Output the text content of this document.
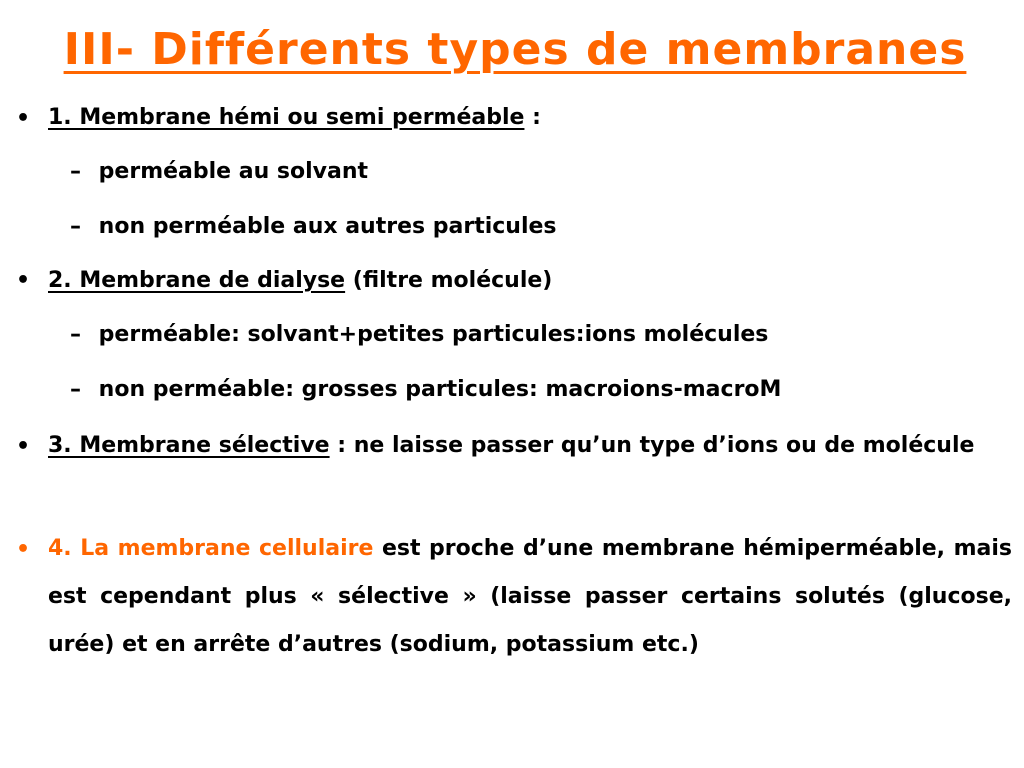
III- Différents types de membranes
• 1. Membrane hémi ou semi perméable :
– perméable au solvant
– non perméable aux autres particules
• 2. Membrane de dialyse (filtre molécule)
– perméable: solvant+petites particules:ions molécules
– non perméable: grosses particules: macroions-macroM
• 3. Membrane sélective : ne laisse passer qu’un type d’ions ou de molécule
• 4. La membrane cellulaire est proche d’une membrane hémiperméable, mais est cependant plus « sélective » (laisse passer certains solutés (glucose, urée) et en arrête d’autres (sodium, potassium etc.)
